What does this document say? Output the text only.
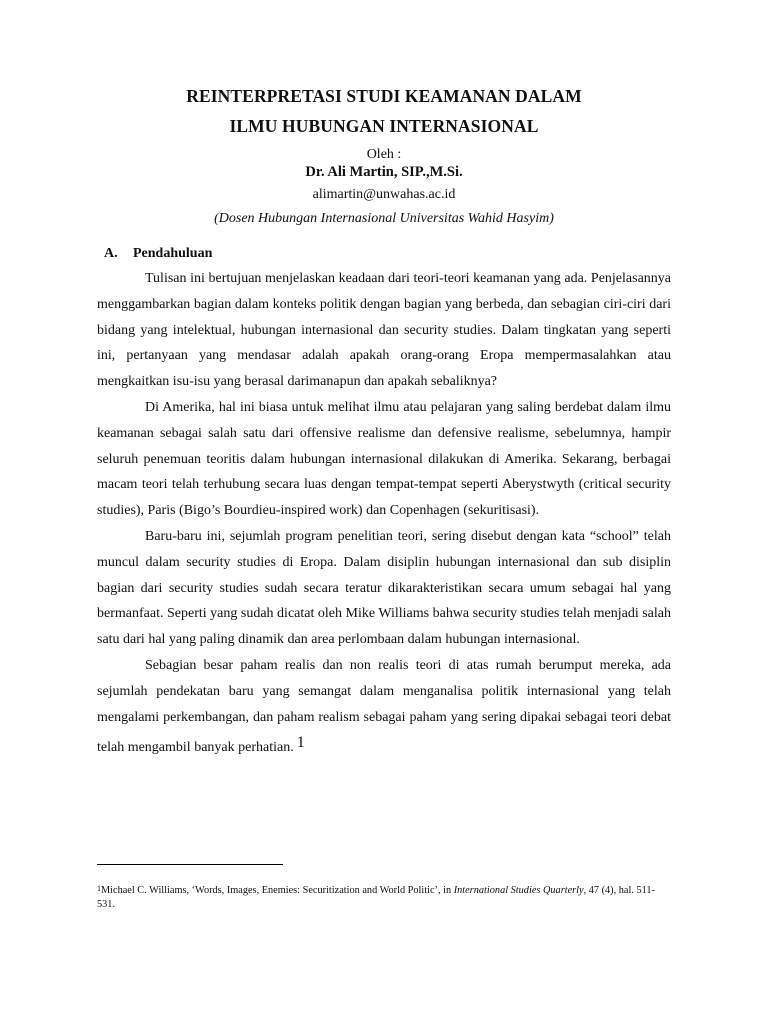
REINTERPRETASI STUDI KEAMANAN DALAM
ILMU HUBUNGAN INTERNASIONAL
Oleh :
Dr. Ali Martin, SIP.,M.Si.
alimartin@unwahas.ac.id
(Dosen Hubungan Internasional Universitas Wahid Hasyim)
A. Pendahuluan

Tulisan ini bertujuan menjelaskan keadaan dari teori-teori keamanan yang ada. Penjelasannya menggambarkan bagian dalam konteks politik dengan bagian yang berbeda, dan sebagian ciri-ciri dari bidang yang intelektual, hubungan internasional dan security studies. Dalam tingkatan yang seperti ini, pertanyaan yang mendasar adalah apakah orang-orang Eropa mempermasalahkan atau mengkaitkan isu-isu yang berasal darimanapun dan apakah sebaliknya?

Di Amerika, hal ini biasa untuk melihat ilmu atau pelajaran yang saling berdebat dalam ilmu keamanan sebagai salah satu dari offensive realisme dan defensive realisme, sebelumnya, hampir seluruh penemuan teoritis dalam hubungan internasional dilakukan di Amerika. Sekarang, berbagai macam teori telah terhubung secara luas dengan tempat-tempat seperti Aberystwyth (critical security studies), Paris (Bigo’s Bourdieu-inspired work) dan Copenhagen (sekuritisasi).

Baru-baru ini, sejumlah program penelitian teori, sering disebut dengan kata “school” telah muncul dalam security studies di Eropa. Dalam disiplin hubungan internasional dan sub disiplin bagian dari security studies sudah secara teratur dikarakteristikan secara umum sebagai hal yang bermanfaat. Seperti yang sudah dicatat oleh Mike Williams bahwa security studies telah menjadi salah satu dari hal yang paling dinamik dan area perlombaan dalam hubungan internasional.

Sebagian besar paham realis dan non realis teori di atas rumah berumput mereka, ada sejumlah pendekatan baru yang semangat dalam menganalisa politik internasional yang telah mengalami perkembangan, dan paham realism sebagai paham yang sering dipakai sebagai teori debat telah mengambil banyak perhatian. 1

1Michael C. Williams, ‘Words, Images, Enemies: Securitization and World Politic’, in International Studies Quarterly, 47 (4), hal. 511-531.
